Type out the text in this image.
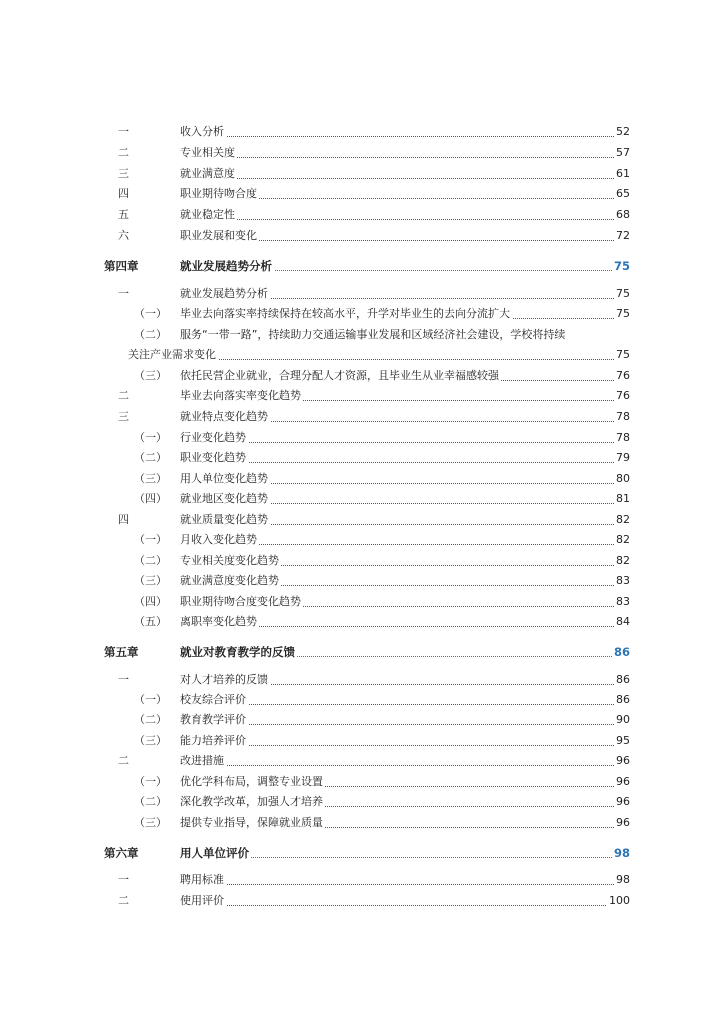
一	收入分析	52
二	专业相关度	57
三	就业满意度	61
四	职业期待吻合度	65
五	就业稳定性	68
六	职业发展和变化	72
第四章	就业发展趋势分析	75
一	就业发展趋势分析	75
（一） 毕业去向落实率持续保持在较高水平，升学对毕业生的去向分流扩大	75
（二） 服务“一带一路”，持续助力交通运输事业发展和区域经济社会建设，学校将持续
关注产业需求变化	75
（三） 依托民营企业就业，合理分配人才资源，且毕业生从业幸福感较强	76
二	毕业去向落实率变化趋势	76
三	就业特点变化趋势	78
（一） 行业变化趋势	78
（二） 职业变化趋势	79
（三） 用人单位变化趋势	80
（四） 就业地区变化趋势	81
四	就业质量变化趋势	82
（一） 月收入变化趋势	82
（二） 专业相关度变化趋势	82
（三） 就业满意度变化趋势	83
（四） 职业期待吻合度变化趋势	83
（五） 离职率变化趋势	84
第五章	就业对教育教学的反馈	86
一	对人才培养的反馈	86
（一） 校友综合评价	86
（二） 教育教学评价	90
（三） 能力培养评价	95
二	改进措施	96
（一） 优化学科布局，调整专业设置	96
（二） 深化教学改革，加强人才培养	96
（三） 提供专业指导，保障就业质量	96
第六章	用人单位评价	98
一	聘用标准	98
二	使用评价	100
